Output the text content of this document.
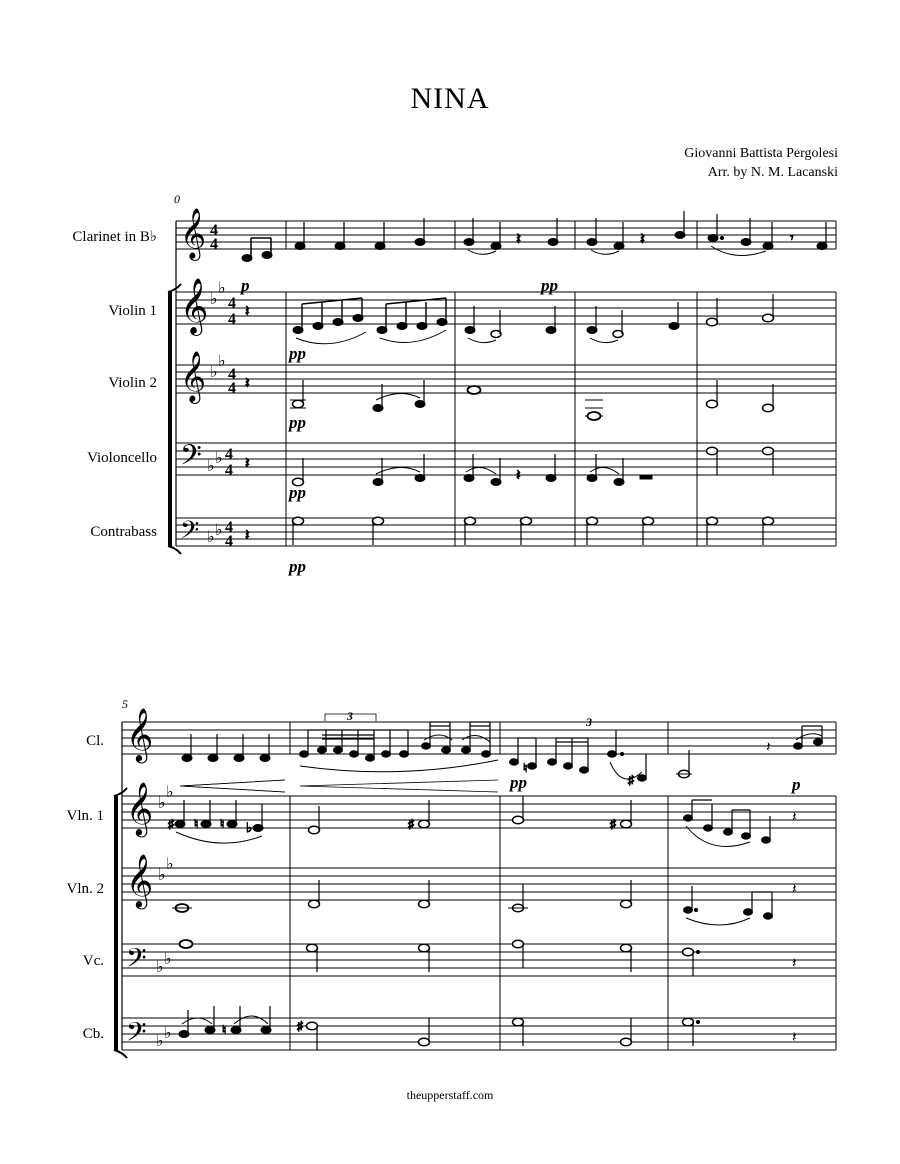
NINA
Giovanni Battista Pergolesi
Arr. by N. M. Lacanski
0
Clarinet in B♭
Violin 1
Violin 2
Violoncello
Contrabass
𝄞
𝄞
𝄞
𝄢
𝄢
♭
♭
♭
♭
♭ ♭
♭ ♭
4
4
4
4
4
4
4
4
4
4
𝄽	𝄽	𝄾
𝄽
𝄽
𝄽
𝄽
𝄽
p	pp
pp
pp
pp
pp
5
Cl.
Vln. 1
Vln. 2
Vc.
Cb.
𝄞
𝄞
𝄞
𝄢
𝄢
♭
♭
♭
♭
♭ ♭
♭ ♭
3
♮
♯
3
𝄽
♯ ♮ ♮ ♭	♯	♯	𝄽
𝄽
𝄽
♮	♯
𝄽
pp	p
theupperstaff.com
